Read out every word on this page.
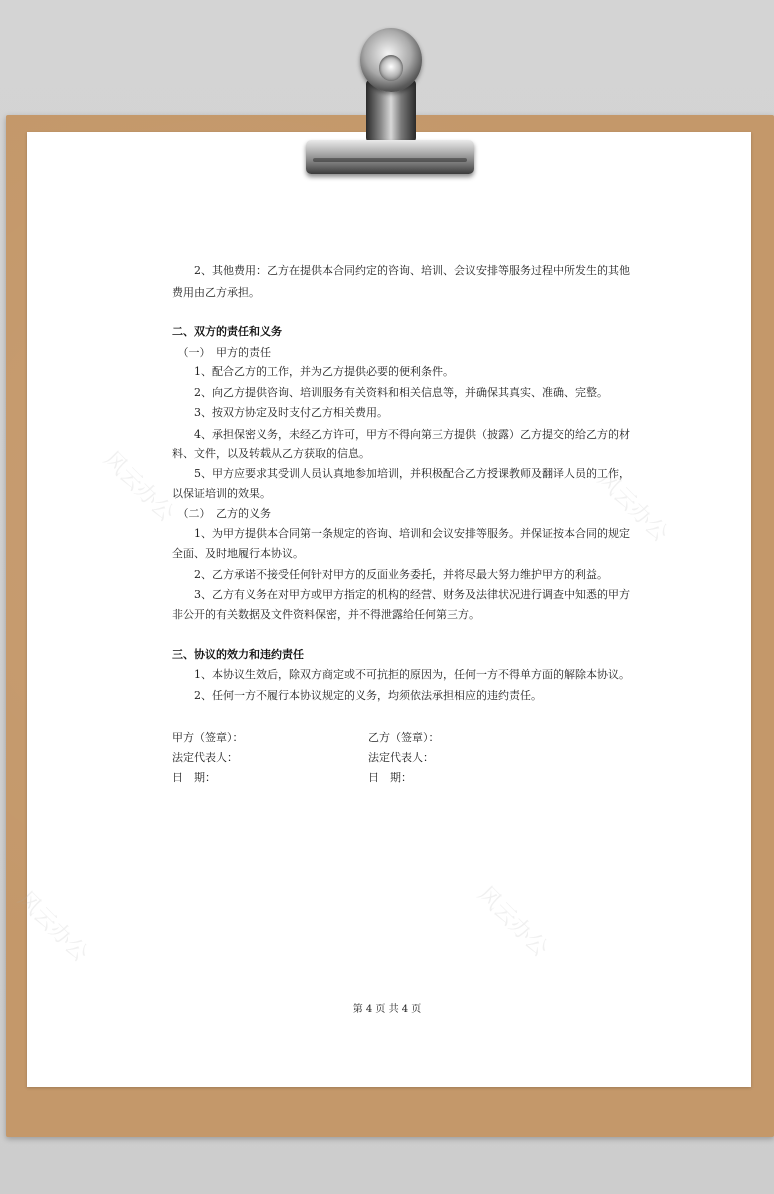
风云办公	风云办公
风云办公	风云办公
　　2、其他费用：乙方在提供本合同约定的咨询、培训、会议安排等服务过程中所发生的其他
费用由乙方承担。
二、双方的责任和义务
　（一）　甲方的责任
　　1、配合乙方的工作，并为乙方提供必要的便利条件。
　　2、向乙方提供咨询、培训服务有关资料和相关信息等，并确保其真实、准确、完整。
　　3、按双方协定及时支付乙方相关费用。
　　4、承担保密义务，未经乙方许可，甲方不得向第三方提供（披露）乙方提交的给乙方的材
料、文件，以及转载从乙方获取的信息。
　　5、甲方应要求其受训人员认真地参加培训，并积极配合乙方授课教师及翻译人员的工作，
以保证培训的效果。
　（二）　乙方的义务
　　1、为甲方提供本合同第一条规定的咨询、培训和会议安排等服务。并保证按本合同的规定
全面、及时地履行本协议。
　　2、乙方承诺不接受任何针对甲方的反面业务委托，并将尽最大努力维护甲方的利益。
　　3、乙方有义务在对甲方或甲方指定的机构的经营、财务及法律状况进行调查中知悉的甲方
非公开的有关数据及文件资料保密，并不得泄露给任何第三方。
三、协议的效力和违约责任
　　1、本协议生效后，除双方商定或不可抗拒的原因为，任何一方不得单方面的解除本协议。
　　2、任何一方不履行本协议规定的义务，均须依法承担相应的违约责任。
甲方（签章）：
法定代表人：
日　期：
乙方（签章）：
法定代表人：
日　期：
第 4 页 共 4 页
